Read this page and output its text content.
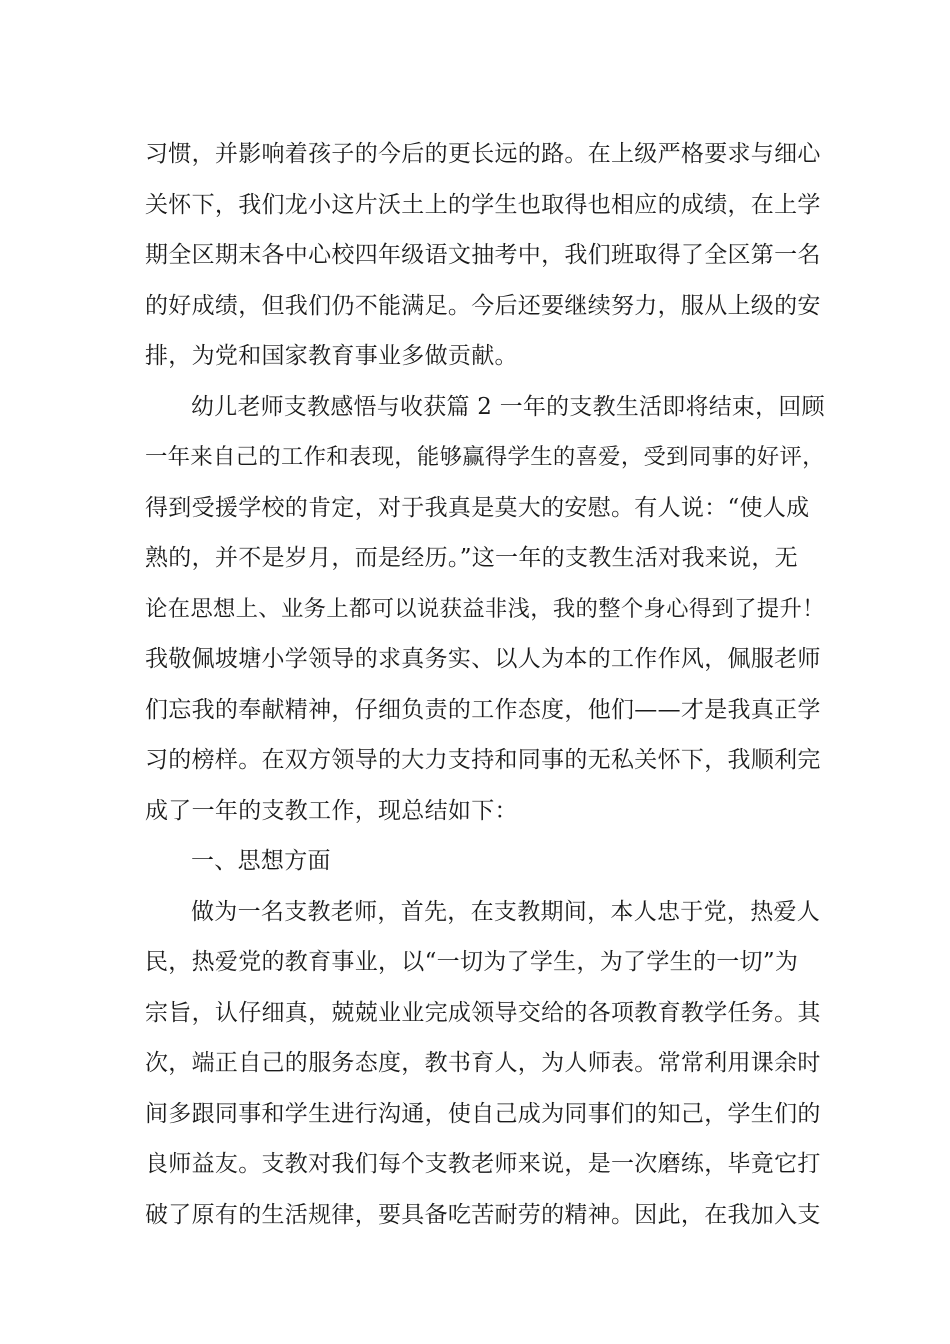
习惯，并影响着孩子的今后的更长远的路。在上级严格要求与细心
关怀下，我们龙小这片沃土上的学生也取得也相应的成绩，在上学
期全区期末各中心校四年级语文抽考中，我们班取得了全区第一名
的好成绩，但我们仍不能满足。今后还要继续努力，服从上级的安
排，为党和国家教育事业多做贡献。
幼儿老师支教感悟与收获篇 2 一年的支教生活即将结束，回顾
一年来自己的工作和表现，能够赢得学生的喜爱，受到同事的好评，
得到受援学校的肯定，对于我真是莫大的安慰。有人说：“使人成
熟的，并不是岁月，而是经历。”这一年的支教生活对我来说，无
论在思想上、业务上都可以说获益非浅，我的整个身心得到了提升！
我敬佩坡塘小学领导的求真务实、以人为本的工作作风，佩服老师
们忘我的奉献精神，仔细负责的工作态度，他们——才是我真正学
习的榜样。在双方领导的大力支持和同事的无私关怀下，我顺利完
成了一年的支教工作，现总结如下：
一、思想方面
做为一名支教老师，首先，在支教期间，本人忠于党，热爱人
民，热爱党的教育事业，以“一切为了学生，为了学生的一切”为
宗旨，认仔细真，兢兢业业完成领导交给的各项教育教学任务。其
次，端正自己的服务态度，教书育人，为人师表。常常利用课余时
间多跟同事和学生进行沟通，使自己成为同事们的知己，学生们的
良师益友。支教对我们每个支教老师来说，是一次磨练，毕竟它打
破了原有的生活规律，要具备吃苦耐劳的精神。因此，在我加入支
